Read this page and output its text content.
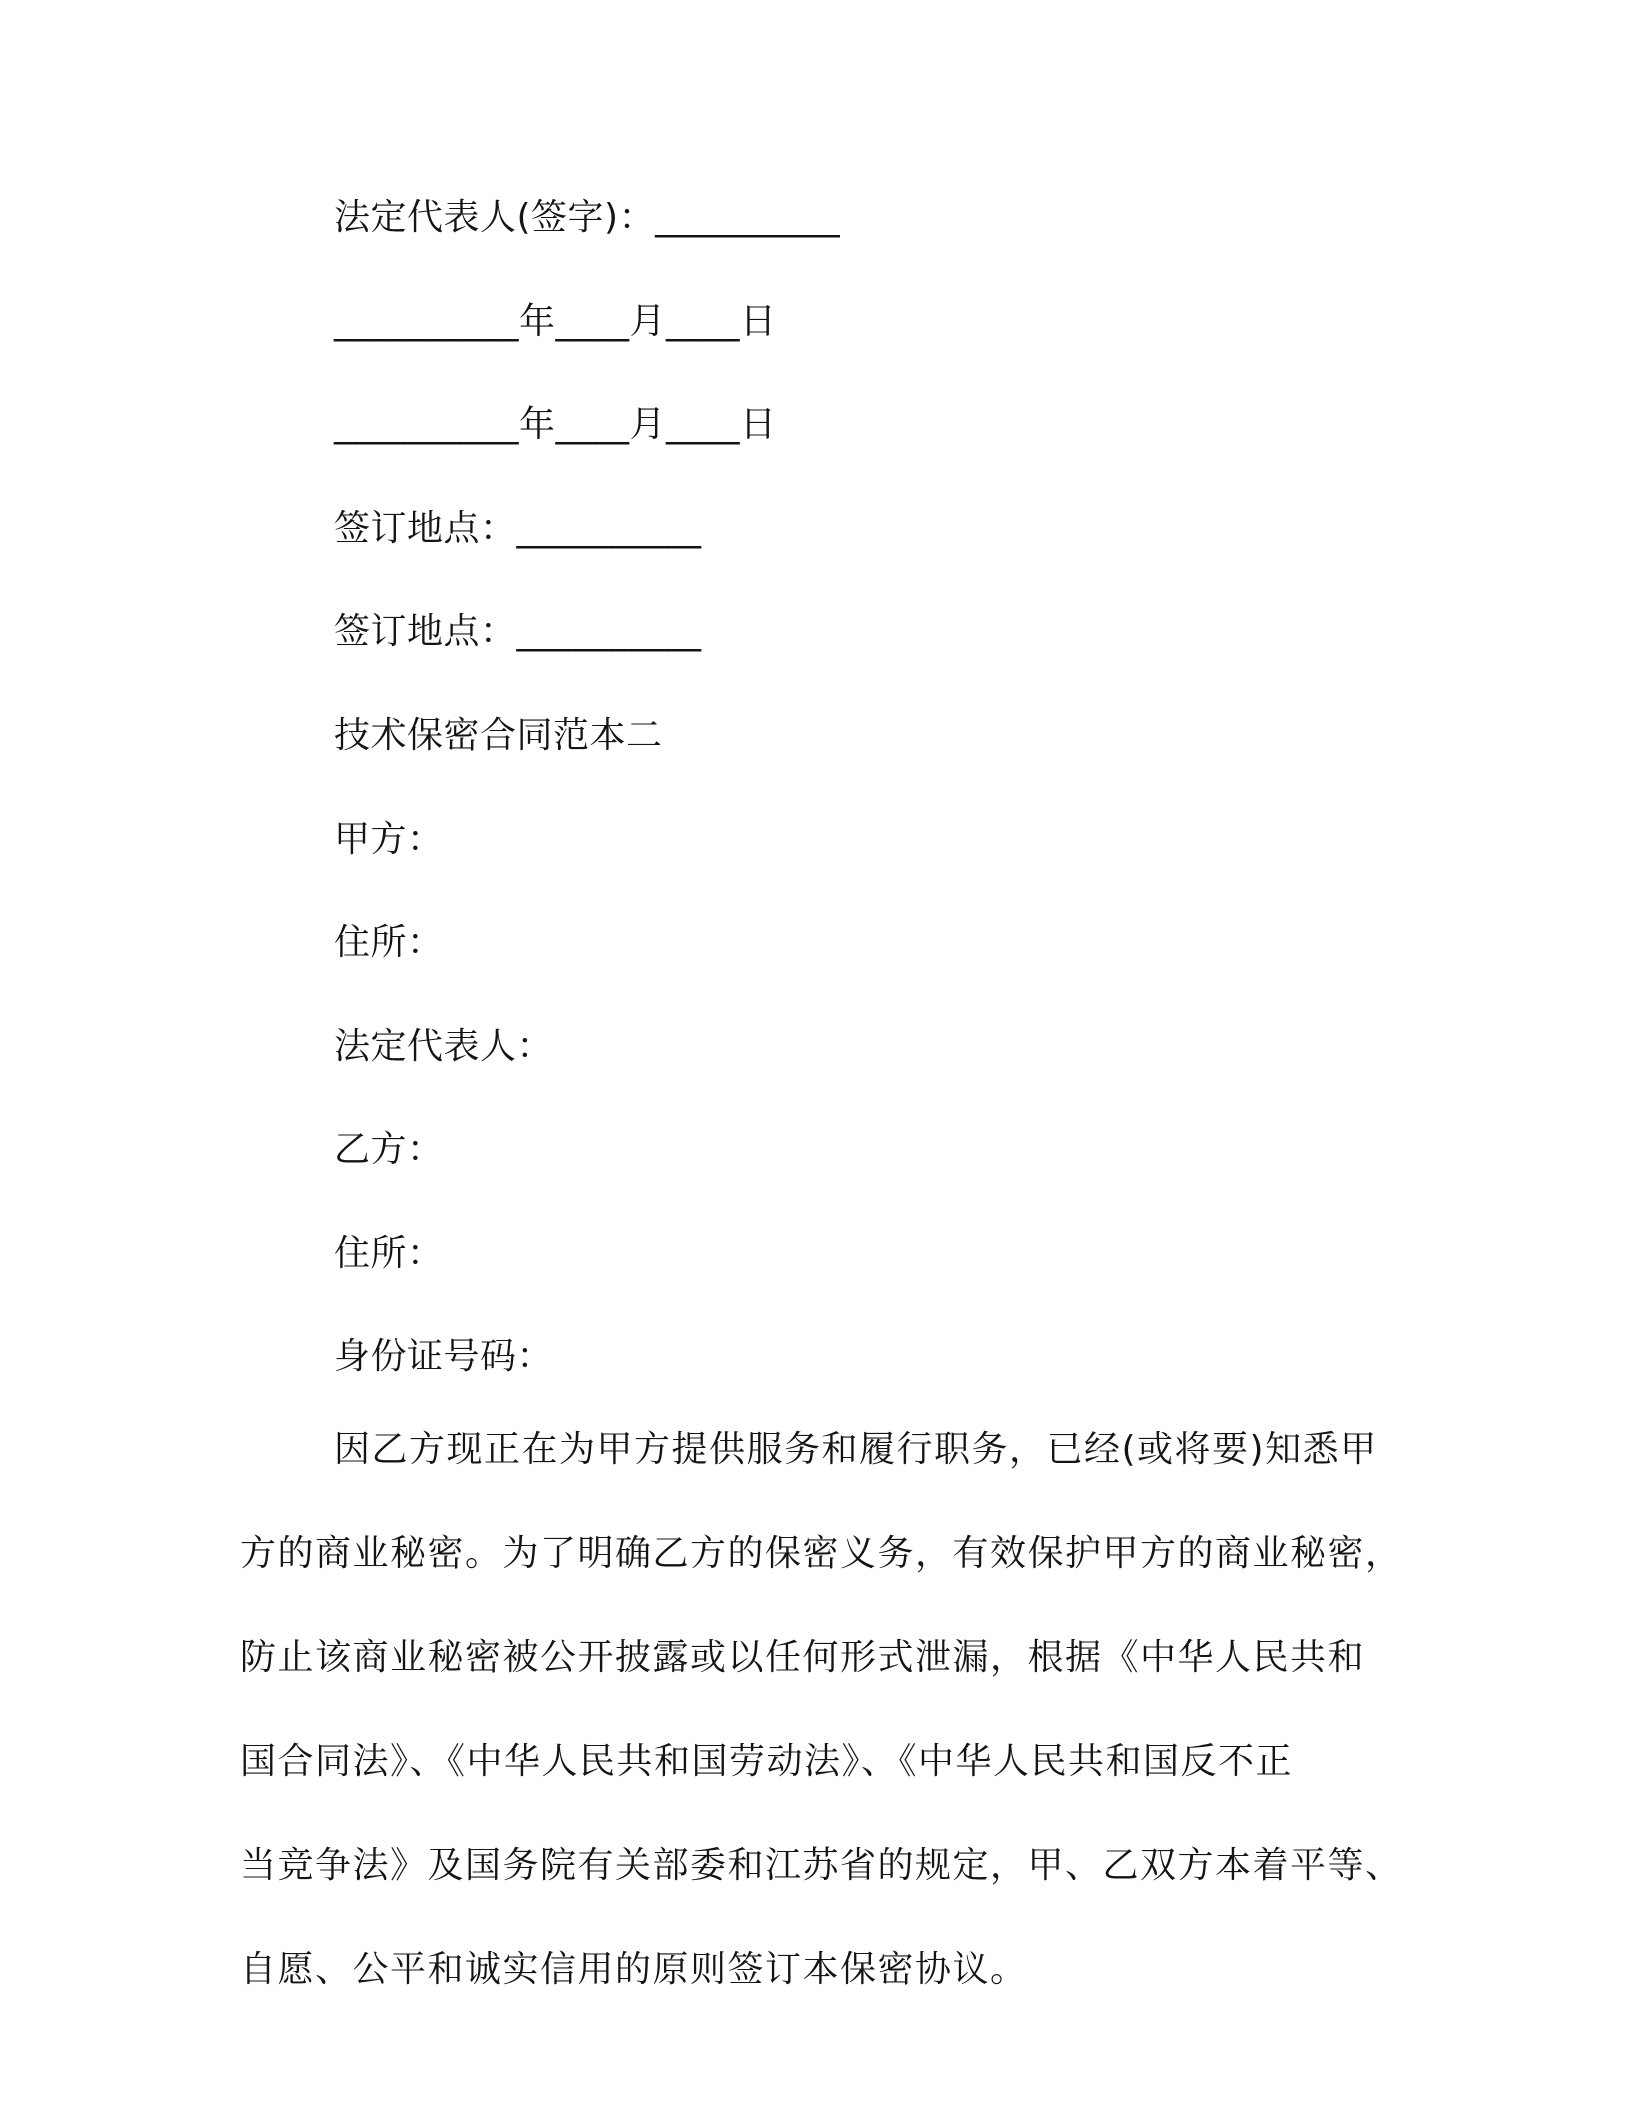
法定代表人(签字)：__________
__________年____月____日
__________年____月____日
签订地点：__________
签订地点：__________
技术保密合同范本二
甲方：
住所：
法定代表人：
乙方：
住所：
身份证号码：
因乙方现正在为甲方提供服务和履行职务，已经(或将要)知悉甲
方的商业秘密。为了明确乙方的保密义务，有效保护甲方的商业秘密，
防止该商业秘密被公开披露或以任何形式泄漏，根据《中华人民共和
国合同法》、《中华人民共和国劳动法》、《中华人民共和国反不正
当竞争法》及国务院有关部委和江苏省的规定，甲、乙双方本着平等、
自愿、公平和诚实信用的原则签订本保密协议。
